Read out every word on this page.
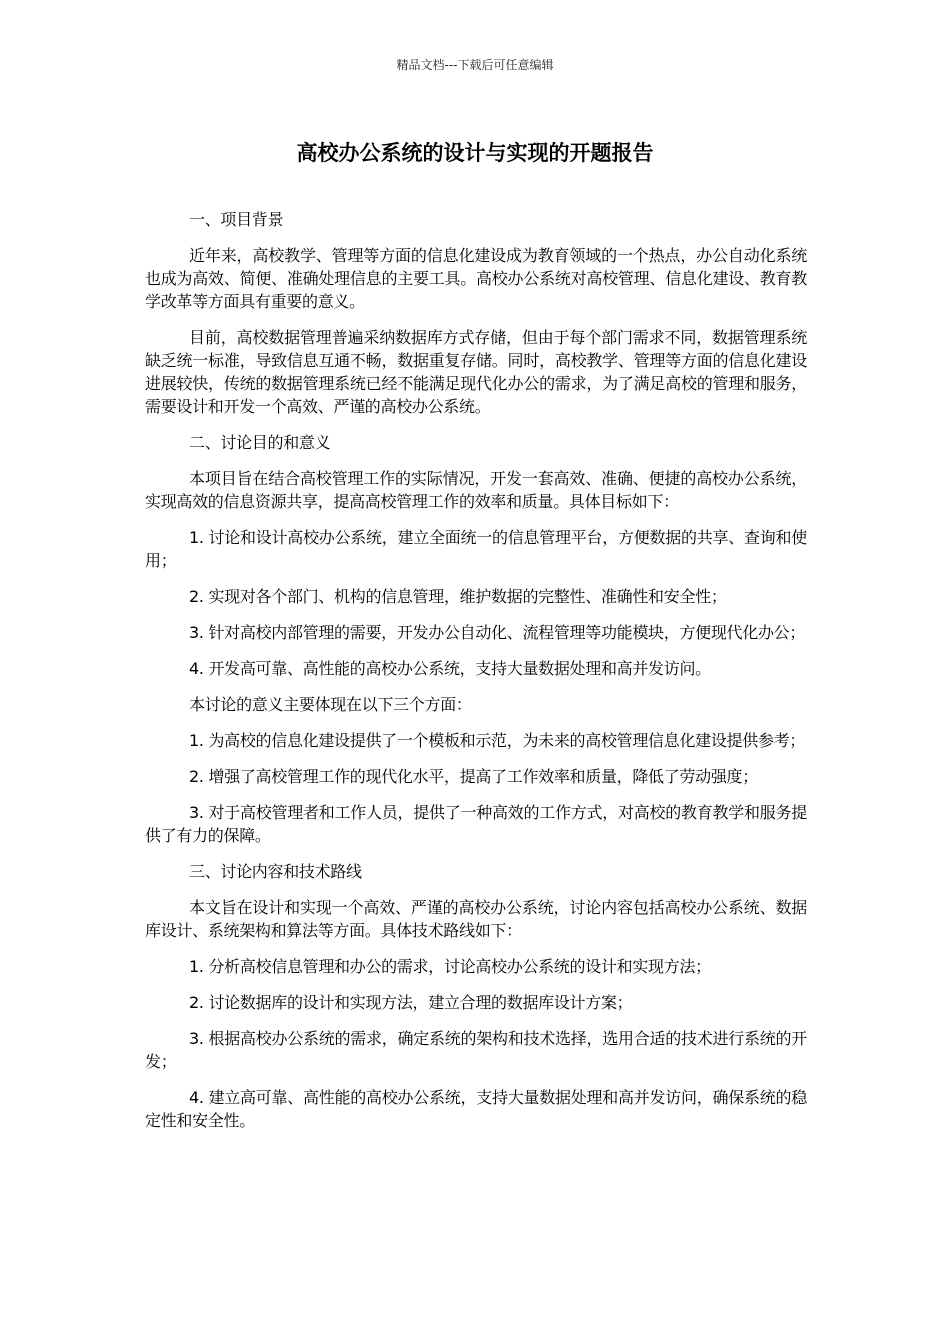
精品文档---下载后可任意编辑
高校办公系统的设计与实现的开题报告

一、项目背景

近年来，高校教学、管理等方面的信息化建设成为教育领域的一个热点，办公自动化系统也成为高效、简便、准确处理信息的主要工具。高校办公系统对高校管理、信息化建设、教育教学改革等方面具有重要的意义。

目前，高校数据管理普遍采纳数据库方式存储，但由于每个部门需求不同，数据管理系统缺乏统一标准，导致信息互通不畅，数据重复存储。同时，高校教学、管理等方面的信息化建设进展较快，传统的数据管理系统已经不能满足现代化办公的需求，为了满足高校的管理和服务，需要设计和开发一个高效、严谨的高校办公系统。

二、讨论目的和意义

本项目旨在结合高校管理工作的实际情况，开发一套高效、准确、便捷的高校办公系统，实现高效的信息资源共享，提高高校管理工作的效率和质量。具体目标如下：

1. 讨论和设计高校办公系统，建立全面统一的信息管理平台，方便数据的共享、查询和使用；

2. 实现对各个部门、机构的信息管理，维护数据的完整性、准确性和安全性；

3. 针对高校内部管理的需要，开发办公自动化、流程管理等功能模块，方便现代化办公；

4. 开发高可靠、高性能的高校办公系统，支持大量数据处理和高并发访问。

本讨论的意义主要体现在以下三个方面：

1. 为高校的信息化建设提供了一个模板和示范，为未来的高校管理信息化建设提供参考；

2. 增强了高校管理工作的现代化水平，提高了工作效率和质量，降低了劳动强度；

3. 对于高校管理者和工作人员，提供了一种高效的工作方式，对高校的教育教学和服务提供了有力的保障。

三、讨论内容和技术路线

本文旨在设计和实现一个高效、严谨的高校办公系统，讨论内容包括高校办公系统、数据库设计、系统架构和算法等方面。具体技术路线如下：

1. 分析高校信息管理和办公的需求，讨论高校办公系统的设计和实现方法；

2. 讨论数据库的设计和实现方法，建立合理的数据库设计方案；

3. 根据高校办公系统的需求，确定系统的架构和技术选择，选用合适的技术进行系统的开发；

4. 建立高可靠、高性能的高校办公系统，支持大量数据处理和高并发访问，确保系统的稳定性和安全性。
